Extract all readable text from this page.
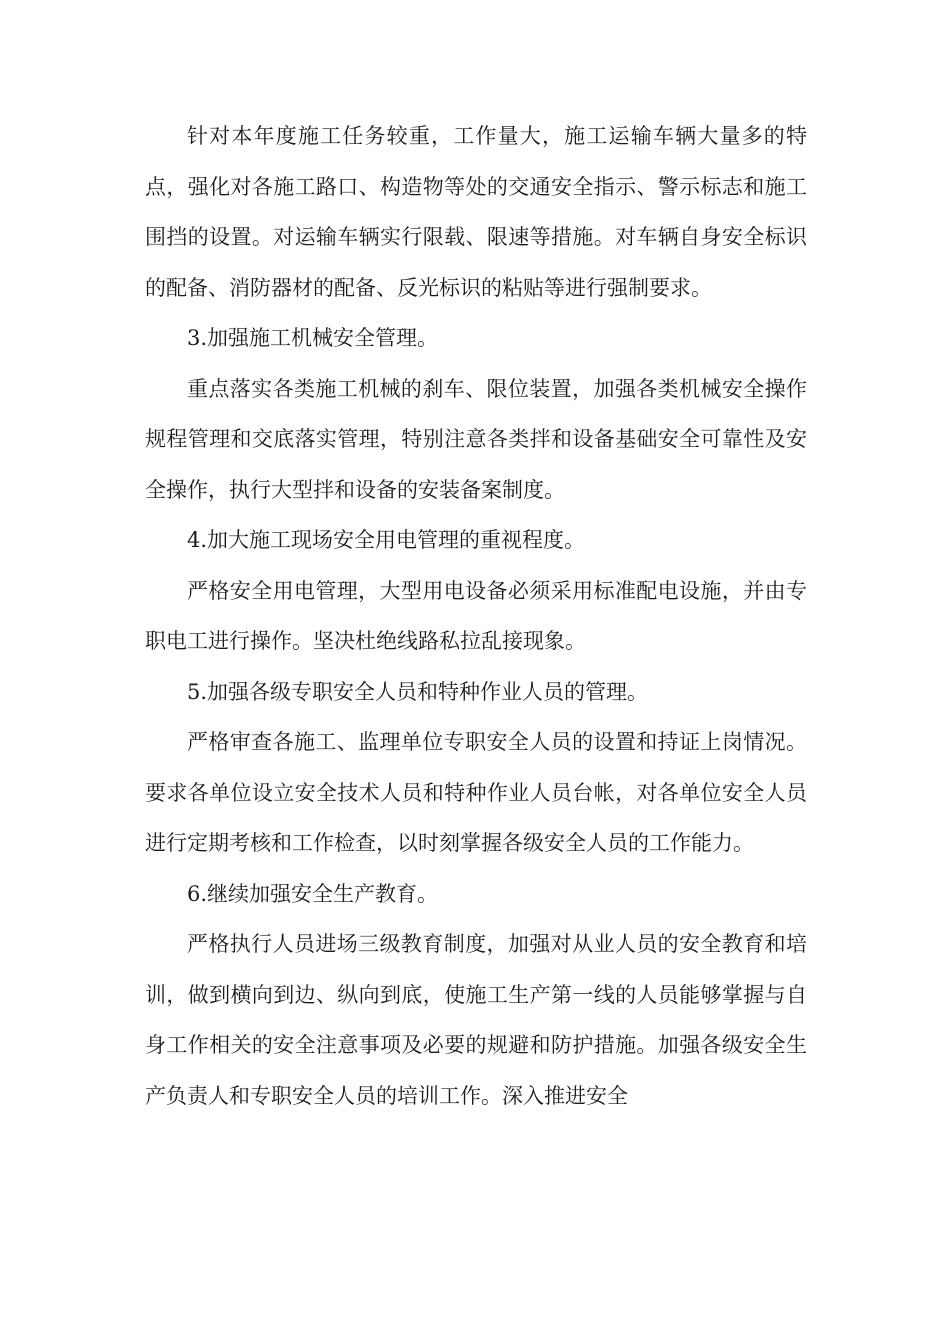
针对本年度施工任务较重，工作量大，施工运输车辆大量多的特点，强化对各施工路口、构造物等处的交通安全指示、警示标志和施工围挡的设置。对运输车辆实行限载、限速等措施。对车辆自身安全标识的配备、消防器材的配备、反光标识的粘贴等进行强制要求。

3.加强施工机械安全管理。

重点落实各类施工机械的刹车、限位装置，加强各类机械安全操作规程管理和交底落实管理，特别注意各类拌和设备基础安全可靠性及安全操作，执行大型拌和设备的安装备案制度。

4.加大施工现场安全用电管理的重视程度。

严格安全用电管理，大型用电设备必须采用标准配电设施，并由专职电工进行操作。坚决杜绝线路私拉乱接现象。

5.加强各级专职安全人员和特种作业人员的管理。

严格审查各施工、监理单位专职安全人员的设置和持证上岗情况。要求各单位设立安全技术人员和特种作业人员台帐，对各单位安全人员进行定期考核和工作检查，以时刻掌握各级安全人员的工作能力。

6.继续加强安全生产教育。

严格执行人员进场三级教育制度，加强对从业人员的安全教育和培训，做到横向到边、纵向到底，使施工生产第一线的人员能够掌握与自身工作相关的安全注意事项及必要的规避和防护措施。加强各级安全生产负责人和专职安全人员的培训工作。深入推进安全
